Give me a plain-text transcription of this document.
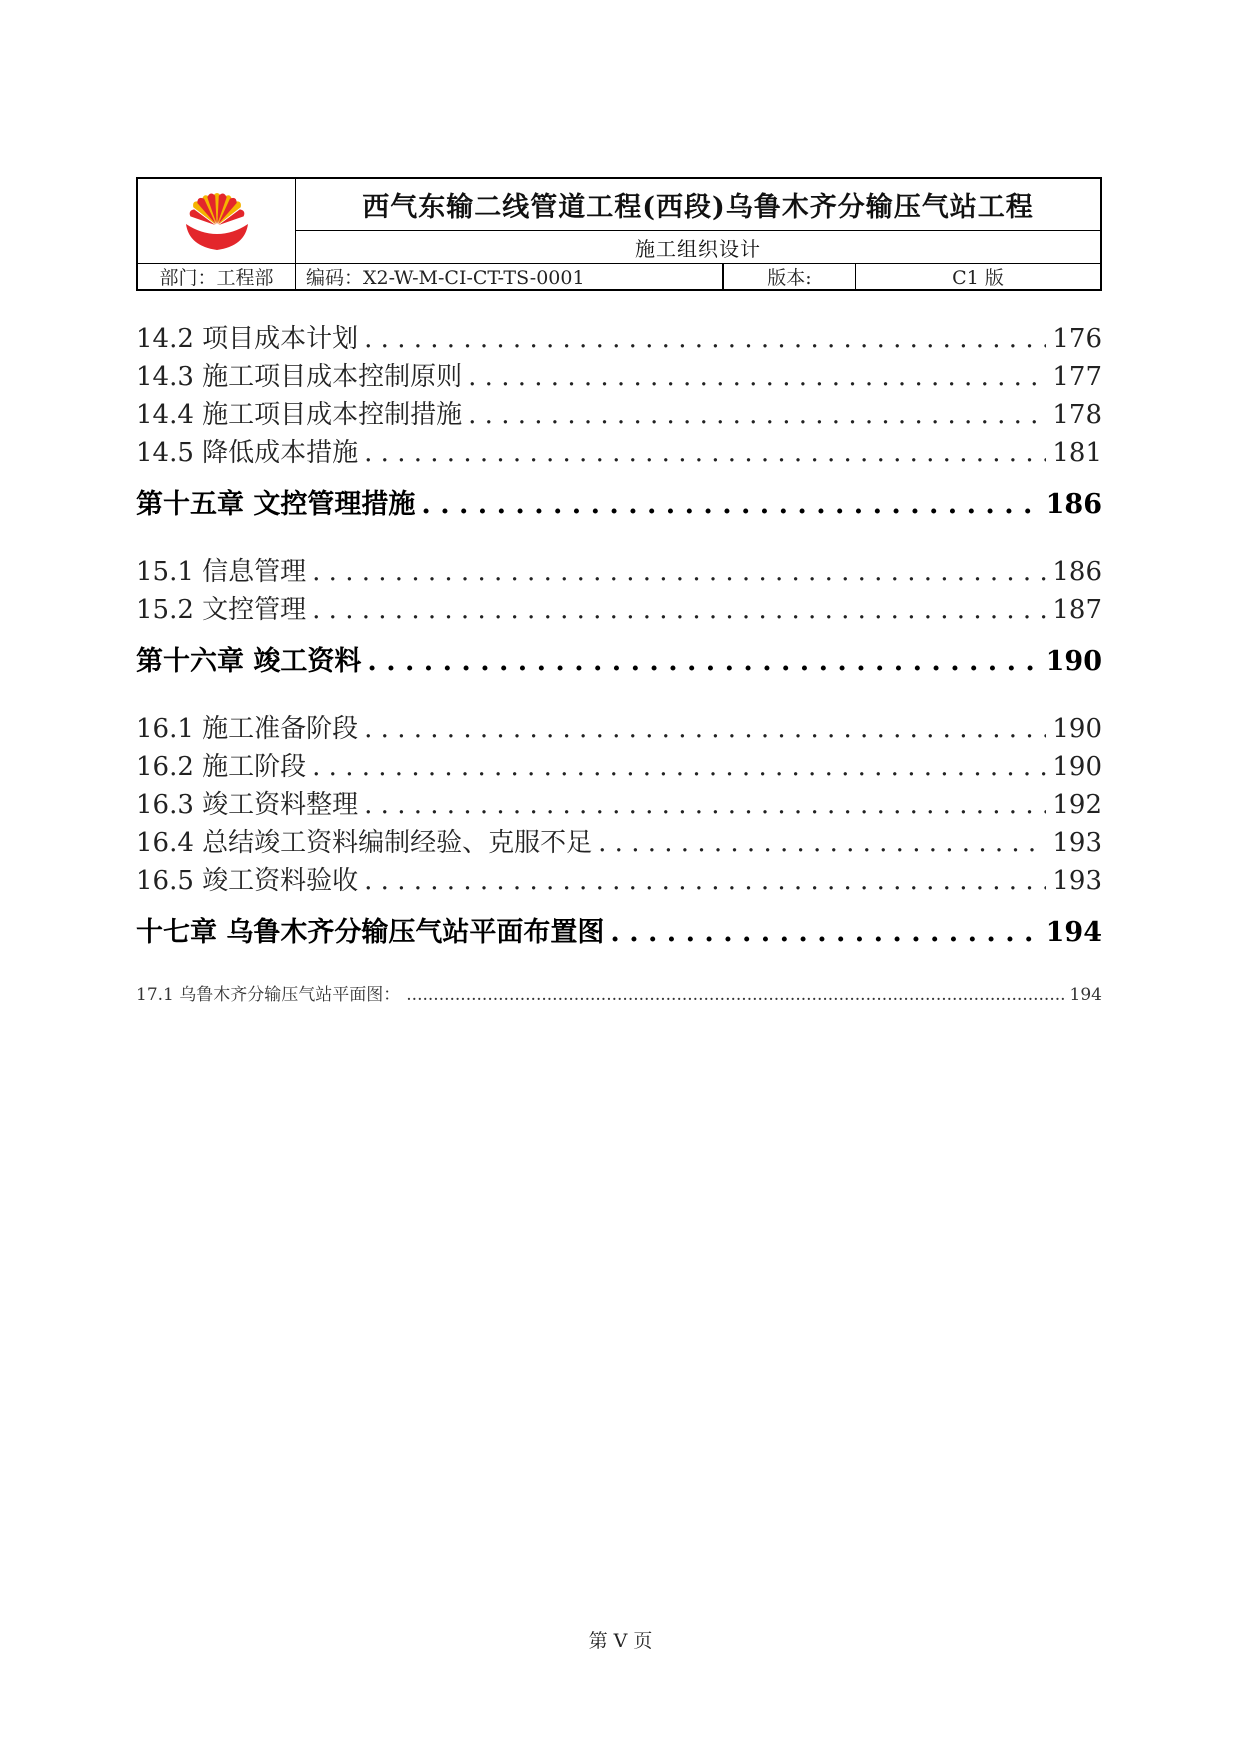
西气东输二线管道工程(西段)乌鲁木齐分输压气站工程
施工组织设计
部门：工程部	编码：X2-W-M-CI-CT-TS-0001	版本:	C1 版
14.2 项目成本计划 . . .	176
14.3 施工项目成本控制原则 . . .	177
14.4 施工项目成本控制措施 . . .	178
14.5 降低成本措施 . . .	181
第十五章 文控管理措施 . . .	186
15.1 信息管理 . . .	186
15.2 文控管理 . . .	187
第十六章 竣工资料 . . .	190
16.1 施工准备阶段 . . .	190
16.2 施工阶段 . . .	190
16.3 竣工资料整理 . . .	192
16.4 总结竣工资料编制经验、克服不足 . . .	193
16.5 竣工资料验收 . . .	193
十七章 乌鲁木齐分输压气站平面布置图 . . .	194
17.1 乌鲁木齐分输压气站平面图： .....	194
第 V 页
